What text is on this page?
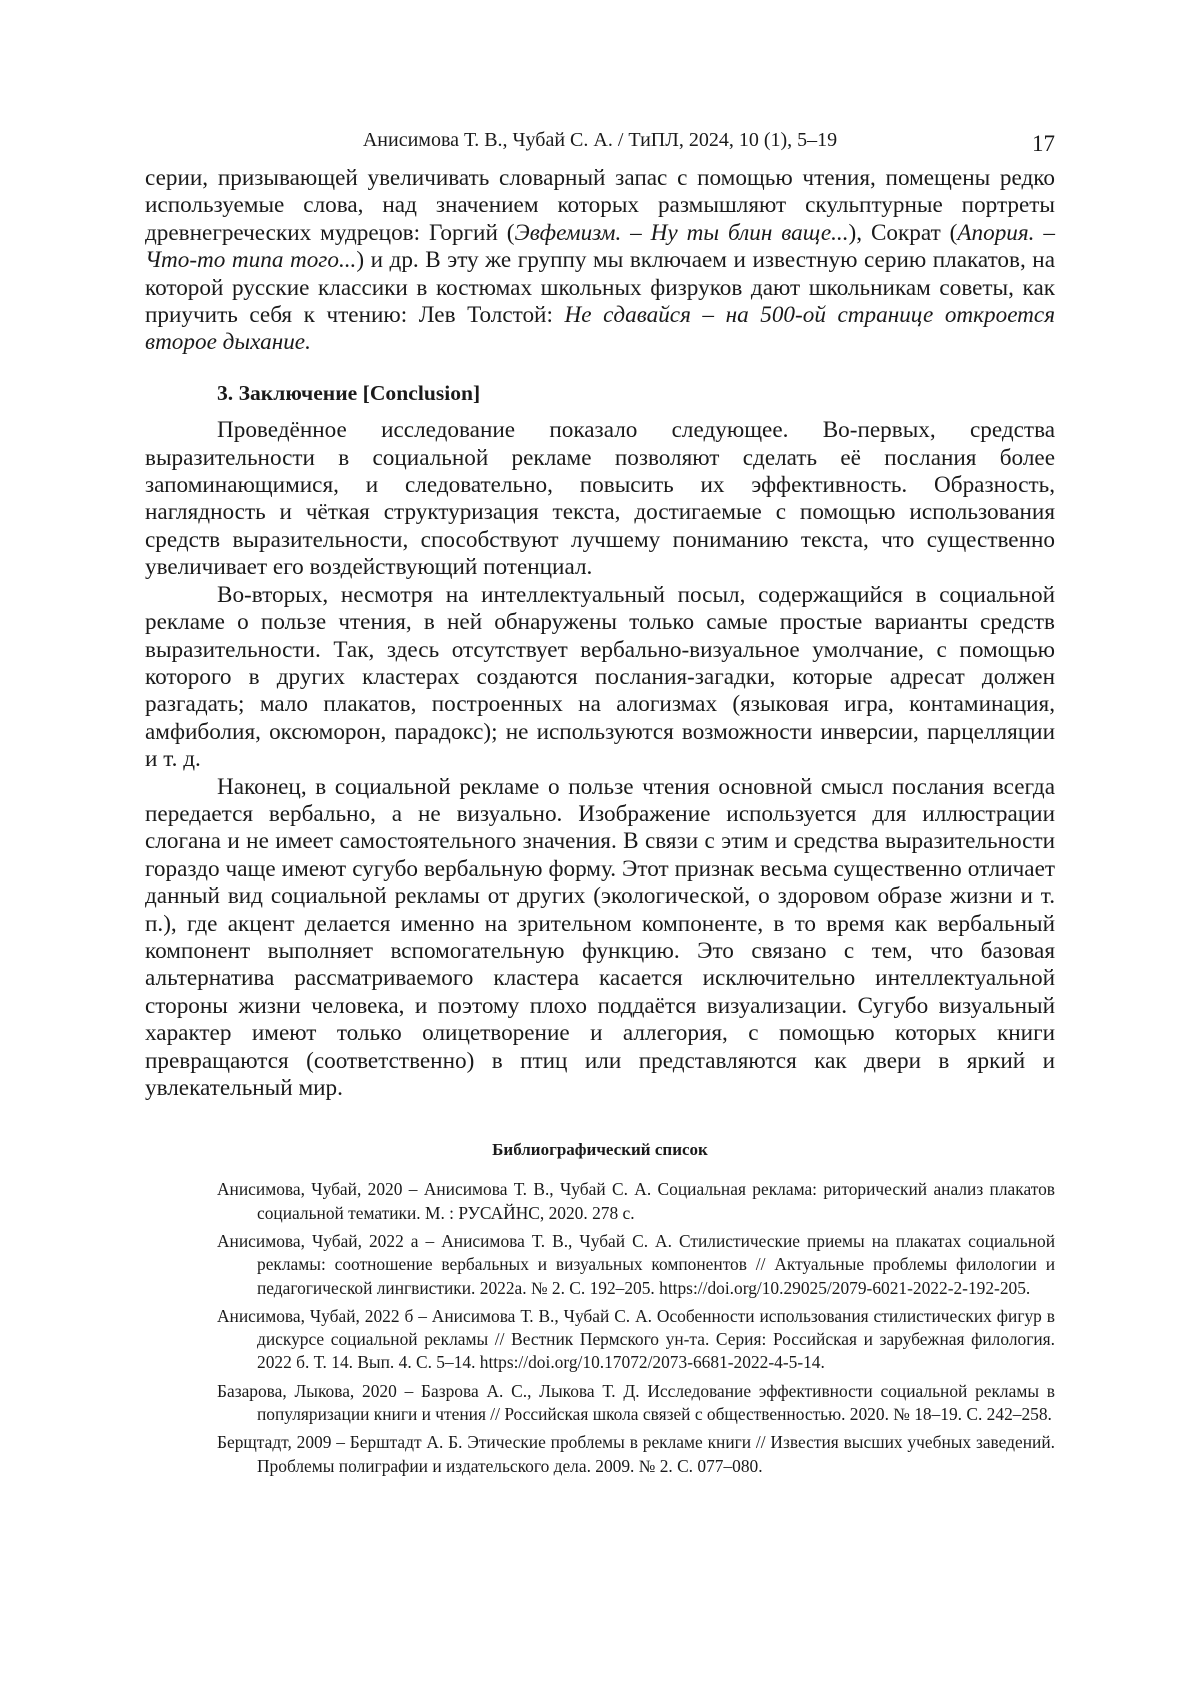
Анисимова Т. В., Чубай С. А. / ТиПЛ, 2024, 10 (1), 5–19	17

серии, призывающей увеличивать словарный запас с помощью чтения, помещены редко используемые слова, над значением которых размышляют скульптурные портреты древнегреческих мудрецов: Горгий (Эвфемизм. – Ну ты блин ваще...), Сократ (Апория. – Что-то типа того...) и др. В эту же группу мы включаем и известную серию плакатов, на которой русские классики в костюмах школьных физруков дают школьникам советы, как приучить себя к чтению: Лев Толстой: Не сдавайся – на 500-ой странице откроется второе дыхание.

3. Заключение [Conclusion]

Проведённое исследование показало следующее. Во-первых, средства выразительности в социальной рекламе позволяют сделать её послания более запоминающимися, и следовательно, повысить их эффективность. Образность, наглядность и чёткая структуризация текста, достигаемые с помощью использования средств выразительности, способствуют лучшему пониманию текста, что существенно увеличивает его воздействующий потенциал.

Во-вторых, несмотря на интеллектуальный посыл, содержащийся в социальной рекламе о пользе чтения, в ней обнаружены только самые простые варианты средств выразительности. Так, здесь отсутствует вербально-визуальное умолчание, с помощью которого в других кластерах создаются послания-загадки, которые адресат должен разгадать; мало плакатов, построенных на алогизмах (языковая игра, контаминация, амфиболия, оксюморон, парадокс); не используются возможности инверсии, парцелляции и т. д.

Наконец, в социальной рекламе о пользе чтения основной смысл послания всегда передается вербально, а не визуально. Изображение используется для иллюстрации слогана и не имеет самостоятельного значения. В связи с этим и средства выразительности гораздо чаще имеют сугубо вербальную форму. Этот признак весьма существенно отличает данный вид социальной рекламы от других (экологической, о здоровом образе жизни и т. п.), где акцент делается именно на зрительном компоненте, в то время как вербальный компонент выполняет вспомогательную функцию. Это связано с тем, что базовая альтернатива рассматриваемого кластера касается исключительно интеллектуальной стороны жизни человека, и поэтому плохо поддаётся визуализации. Сугубо визуальный характер имеют только олицетворение и аллегория, с помощью которых книги превращаются (соответственно) в птиц или представляются как двери в яркий и увлекательный мир.

Библиографический список

Анисимова, Чубай, 2020 – Анисимова Т. В., Чубай С. А. Социальная реклама: риторический анализ плакатов социальной тематики. М. : РУСАЙНС, 2020. 278 с.

Анисимова, Чубай, 2022 а – Анисимова Т. В., Чубай С. А. Стилистические приемы на плакатах социальной рекламы: соотношение вербальных и визуальных компонентов // Актуальные проблемы филологии и педагогической лингвистики. 2022а. № 2. С. 192–205. https://doi.org/10.29025/2079-6021-2022-2-192-205.

Анисимова, Чубай, 2022 б – Анисимова Т. В., Чубай С. А. Особенности использования стилистических фигур в дискурсе социальной рекламы // Вестник Пермского ун-та. Серия: Российская и зарубежная филология. 2022 б. Т. 14. Вып. 4. С. 5–14. https://doi.org/10.17072/2073-6681-2022-4-5-14.

Базарова, Лыкова, 2020 – Базрова А. С., Лыкова Т. Д. Исследование эффективности социальной рекламы в популяризации книги и чтения // Российская школа связей с общественностью. 2020. № 18–19. С. 242–258.

Берщтадт, 2009 – Берштадт А. Б. Этические проблемы в рекламе книги // Известия высших учебных заведений. Проблемы полиграфии и издательского дела. 2009. № 2. С. 077–080.
